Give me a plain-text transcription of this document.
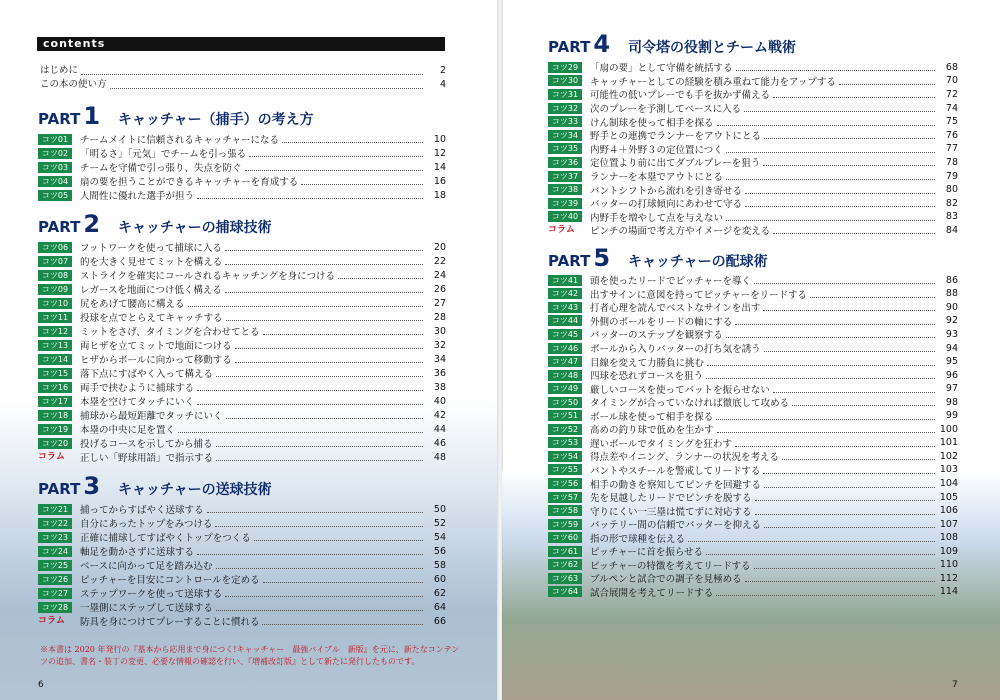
contents
はじめに	2
この本の使い方	4
PART 1 キャッチャー（捕手）の考え方
コツ01	チームメイトに信頼されるキャッチャーになる	10
コツ02	「明るさ」「元気」でチームを引っ張る	12
コツ03	チームを守備で引っ張り、失点を防ぐ	14
コツ04	扇の要を担うことができるキャッチャーを育成する	16
コツ05	人間性に優れた選手が担う	18
PART 2 キャッチャーの捕球技術
コツ06	フットワークを使って捕球に入る	20
コツ07	的を大きく見せてミットを構える	22
コツ08	ストライクを確実にコールされるキャッチングを身につける	24
コツ09	レガースを地面につけ低く構える	26
コツ10	尻をあげて腰高に構える	27
コツ11	投球を点でとらえてキャッチする	28
コツ12	ミットをさげ、タイミングを合わせてとる	30
コツ13	両ヒザを立てミットで地面につける	32
コツ14	ヒザからボールに向かって移動する	34
コツ15	落下点にすばやく入って構える	36
コツ16	両手で挟むように捕球する	38
コツ17	本塁を空けてタッチにいく	40
コツ18	捕球から最短距離でタッチにいく	42
コツ19	本塁の中央に足を置く	44
コツ20	投げるコースを示してから捕る	46
コラム	正しい「野球用語」で指示する	48
PART 3 キャッチャーの送球技術
コツ21	捕ってからすばやく送球する	50
コツ22	自分にあったトップをみつける	52
コツ23	正確に捕球してすばやくトップをつくる	54
コツ24	軸足を動かさずに送球する	56
コツ25	ベースに向かって足を踏み込む	58
コツ26	ピッチャーを目安にコントロールを定める	60
コツ27	ステップワークを使って送球する	62
コツ28	一塁側にステップして送球する	64
コラム	防具を身につけてプレーすることに慣れる	66
※本書は 2020 年発行の『基本から応用まで身につく!キャッチャー　最強バイブル　新版』を元に、新たなコンテンツの追加、書名・装丁の変更、必要な情報の確認を行い、『増補改訂版』として新たに発行したものです。
6
PART 4 司令塔の役割とチーム戦術
コツ29	「扇の要」として守備を統括する	68
コツ30	キャッチャーとしての経験を積み重ねて能力をアップする	70
コツ31	可能性の低いプレーでも手を抜かず備える	72
コツ32	次のプレーを予測してベースに入る	74
コツ33	けん制球を使って相手を探る	75
コツ34	野手との連携でランナーをアウトにとる	76
コツ35	内野４＋外野３の定位置につく	77
コツ36	定位置より前に出てダブルプレーを狙う	78
コツ37	ランナーを本塁でアウトにとる	79
コツ38	バントシフトから流れを引き寄せる	80
コツ39	バッターの打球傾向にあわせて守る	82
コツ40	内野手を増やして点を与えない	83
コラム	ピンチの場面で考え方やイメージを変える	84
PART 5 キャッチャーの配球術
コツ41	頭を使ったリードでピッチャーを導く	86
コツ42	出すサインに意図を持ってピッチャーをリードする	88
コツ43	打者心理を読んでベストなサインを出す	90
コツ44	外側のボールをリードの軸にする	92
コツ45	バッターのステップを観察する	93
コツ46	ボールから入りバッターの打ち気を誘う	94
コツ47	目線を変えて力勝負に挑む	95
コツ48	四球を恐れずコースを狙う	96
コツ49	厳しいコースを使ってバットを振らせない	97
コツ50	タイミングが合っていなければ徹底して攻める	98
コツ51	ボール球を使って相手を探る	99
コツ52	高めの釣り球で低めを生かす	100
コツ53	遅いボールでタイミングを狂わす	101
コツ54	得点差やイニング、ランナーの状況を考える	102
コツ55	バントやスチールを警戒してリードする	103
コツ56	相手の動きを察知してピンチを回避する	104
コツ57	先を見越したリードでピンチを脱する	105
コツ58	守りにくい一三塁は慌てずに対応する	106
コツ59	バッテリー間の信頼でバッターを抑える	107
コツ60	指の形で球種を伝える	108
コツ61	ピッチャーに首を振らせる	109
コツ62	ピッチャーの特徴を考えてリードする	110
コツ63	ブルペンと試合での調子を見極める	112
コツ64	試合展開を考えてリードする	114
7
